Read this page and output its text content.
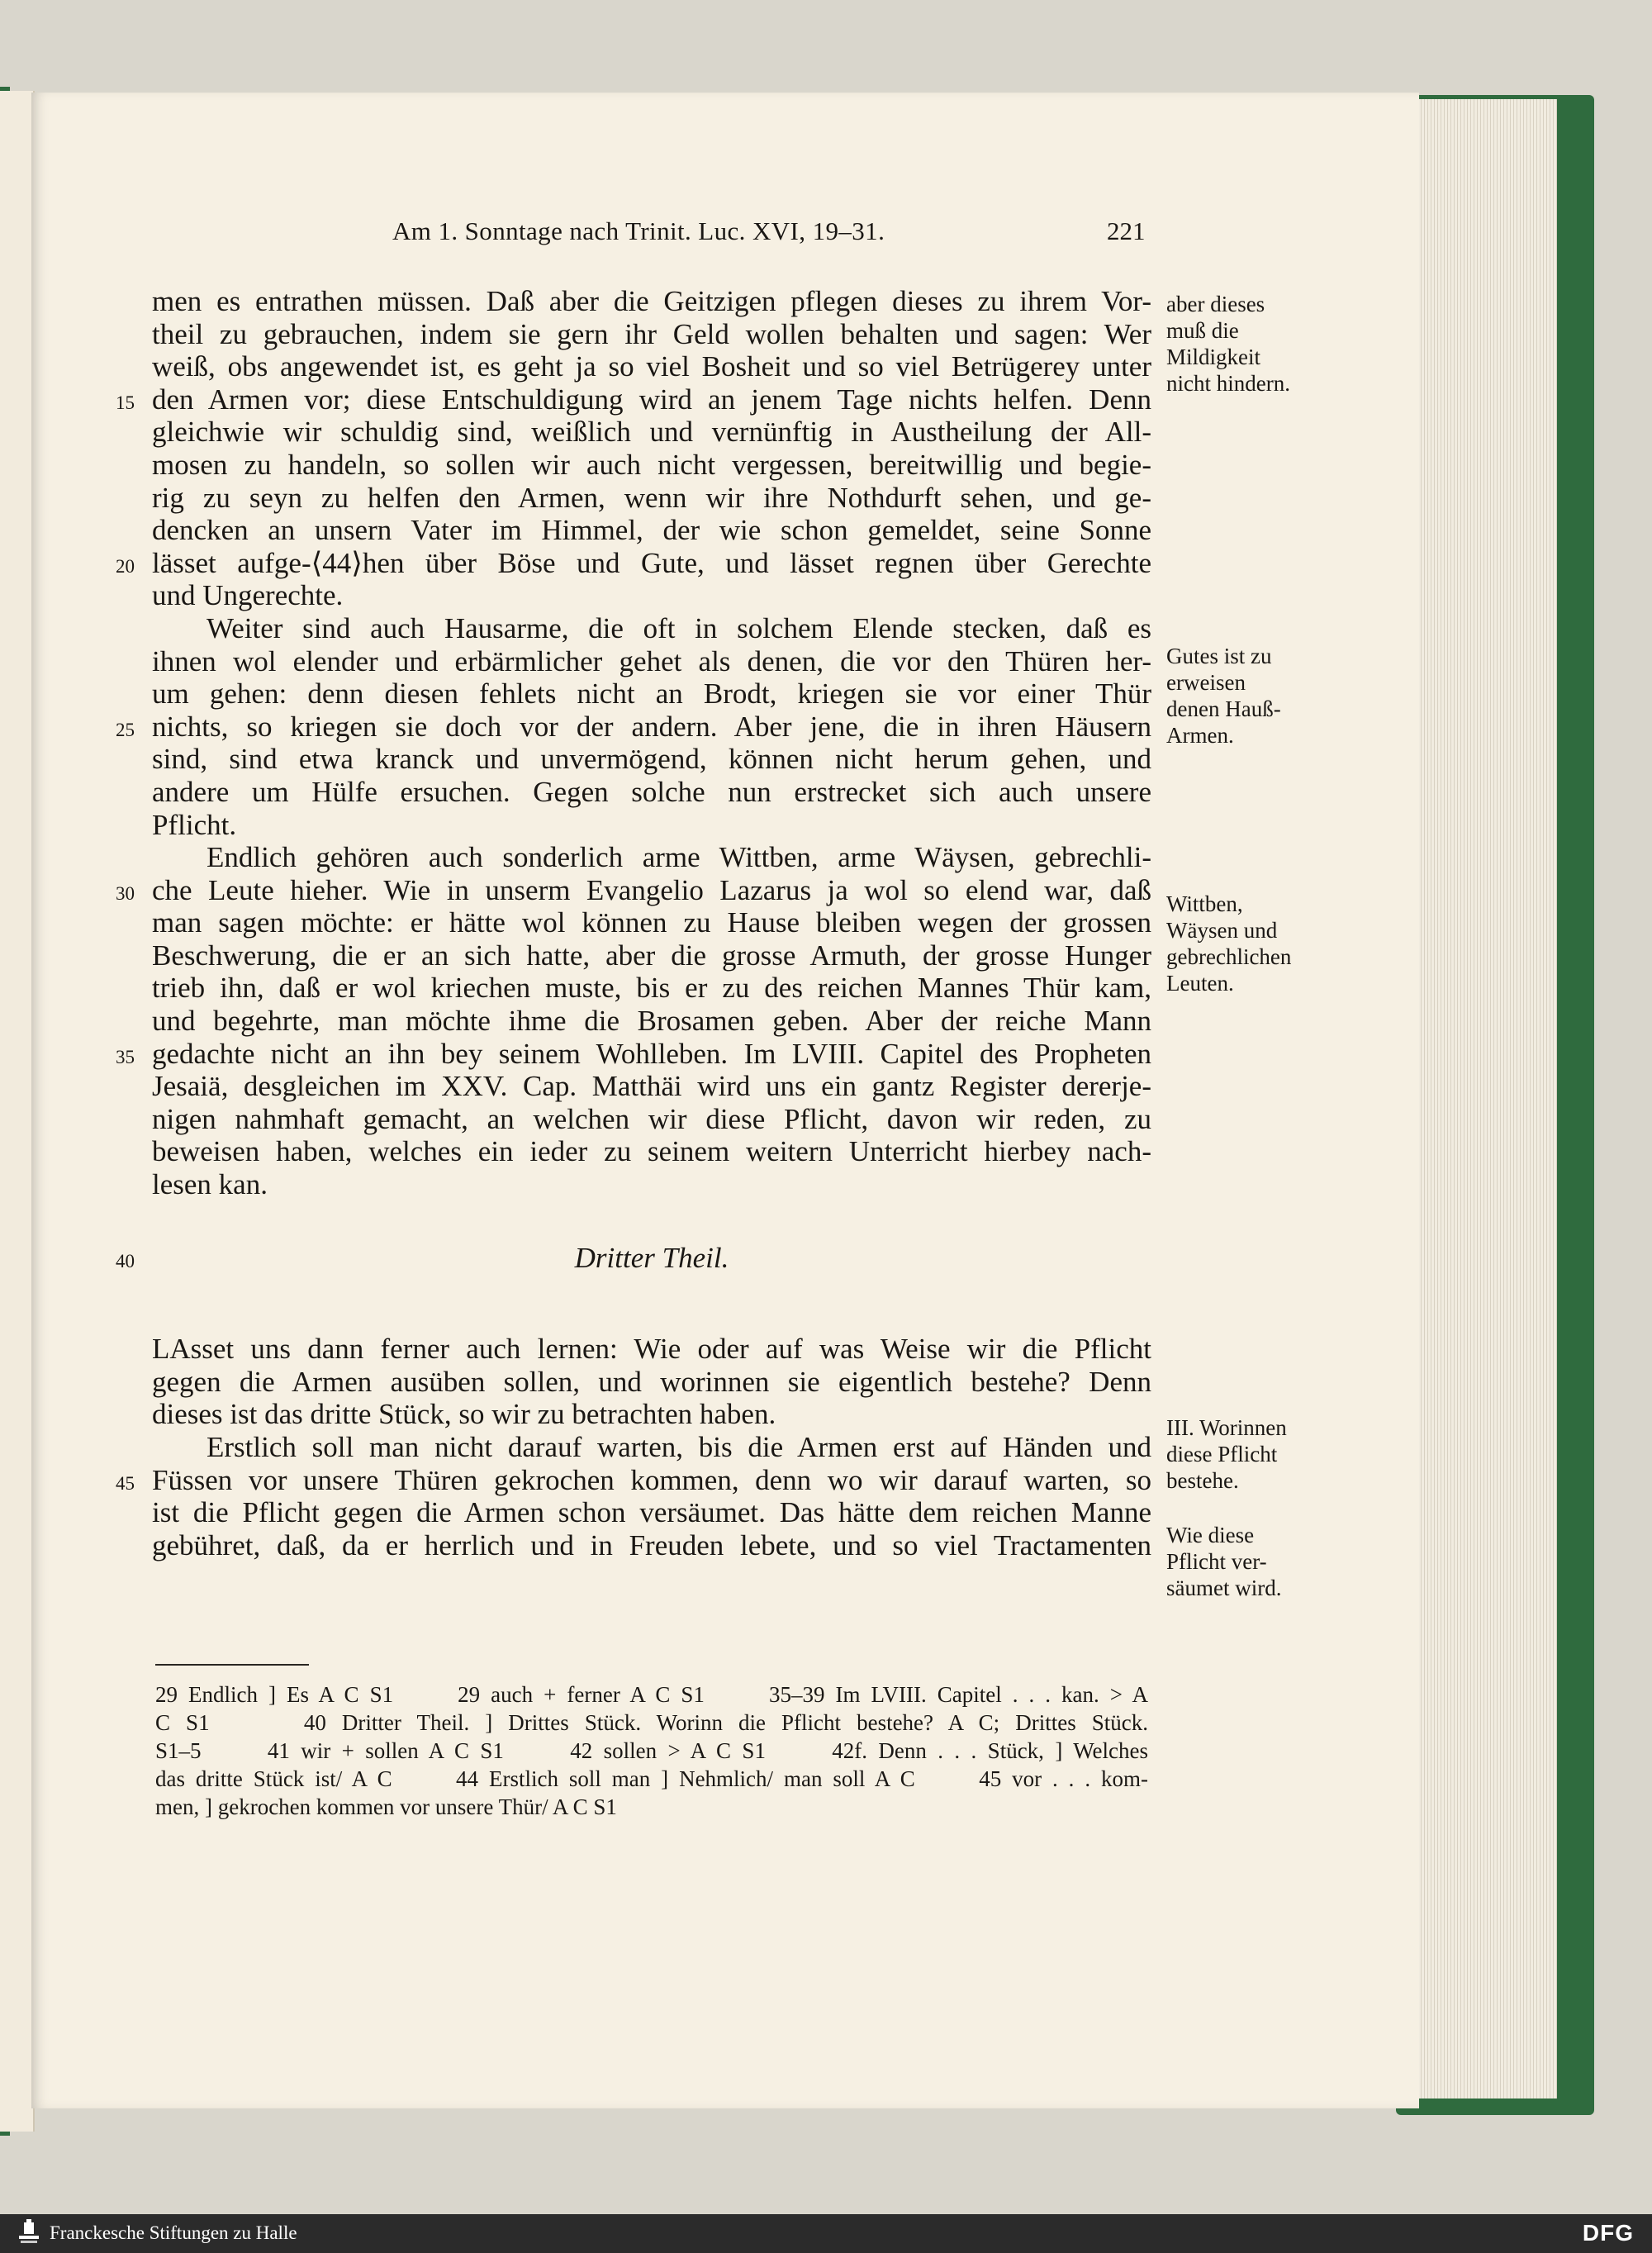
Am 1. Sonntage nach Trinit. Luc. XVI, 19–31.	221
men es entrathen müssen. Daß aber die Geitzigen pflegen dieses zu ihrem Vor-
theil zu gebrauchen, indem sie gern ihr Geld wollen behalten und sagen: Wer
weiß, obs angewendet ist, es geht ja so viel Bosheit und so viel Betrügerey unter
den Armen vor; diese Entschuldigung wird an jenem Tage nichts helfen. Denn
gleichwie wir schuldig sind, weißlich und vernünftig in Austheilung der All-
mosen zu handeln, so sollen wir auch nicht vergessen, bereitwillig und begie-
rig zu seyn zu helfen den Armen, wenn wir ihre Nothdurft sehen, und ge-
dencken an unsern Vater im Himmel, der wie schon gemeldet, seine Sonne
lässet aufge-⟨44⟩hen über Böse und Gute, und lässet regnen über Gerechte
und Ungerechte.
Weiter sind auch Hausarme, die oft in solchem Elende stecken, daß es
ihnen wol elender und erbärmlicher gehet als denen, die vor den Thüren her-
um gehen: denn diesen fehlets nicht an Brodt, kriegen sie vor einer Thür
nichts, so kriegen sie doch vor der andern. Aber jene, die in ihren Häusern
sind, sind etwa kranck und unvermögend, können nicht herum gehen, und
andere um Hülfe ersuchen. Gegen solche nun erstrecket sich auch unsere
Pflicht.
Endlich gehören auch sonderlich arme Wittben, arme Wäysen, gebrechli-
che Leute hieher. Wie in unserm Evangelio Lazarus ja wol so elend war, daß
man sagen möchte: er hätte wol können zu Hause bleiben wegen der grossen
Beschwerung, die er an sich hatte, aber die grosse Armuth, der grosse Hunger
trieb ihn, daß er wol kriechen muste, bis er zu des reichen Mannes Thür kam,
und begehrte, man möchte ihme die Brosamen geben. Aber der reiche Mann
gedachte nicht an ihn bey seinem Wohlleben. Im LVIII. Capitel des Propheten
Jesaiä, desgleichen im XXV. Cap. Matthäi wird uns ein gantz Register dererje-
nigen nahmhaft gemacht, an welchen wir diese Pflicht, davon wir reden, zu
beweisen haben, welches ein ieder zu seinem weitern Unterricht hierbey nach-
lesen kan.
Dritter Theil.
LAsset uns dann ferner auch lernen: Wie oder auf was Weise wir die Pflicht
gegen die Armen ausüben sollen, und worinnen sie eigentlich bestehe? Denn
dieses ist das dritte Stück, so wir zu betrachten haben.
Erstlich soll man nicht darauf warten, bis die Armen erst auf Händen und
Füssen vor unsere Thüren gekrochen kommen, denn wo wir darauf warten, so
ist die Pflicht gegen die Armen schon versäumet. Das hätte dem reichen Manne
gebühret, daß, da er herrlich und in Freuden lebete, und so viel Tractamenten
15
20
25
30
35
40
45
aber dieses
muß die
Mildigkeit
nicht hindern.
Gutes ist zu
erweisen
denen Hauß-
Armen.
Wittben,
Wäysen und
gebrechlichen
Leuten.
III. Worinnen
diese Pflicht
bestehe.
Wie diese
Pflicht ver-
säumet wird.
29 Endlich ] Es A C S1      29 auch + ferner A C S1      35–39 Im LVIII. Capitel . . . kan. > A
C S1      40 Dritter Theil. ] Drittes Stück. Worinn die Pflicht bestehe? A C; Drittes Stück.
S1–5      41 wir + sollen A C S1      42 sollen > A C S1      42f. Denn . . . Stück, ] Welches
das dritte Stück ist/ A C      44 Erstlich soll man ] Nehmlich/ man soll A C      45 vor . . . kom-
men, ] gekrochen kommen vor unsere Thür/ A C S1
Franckesche Stiftungen zu Halle	DFG
